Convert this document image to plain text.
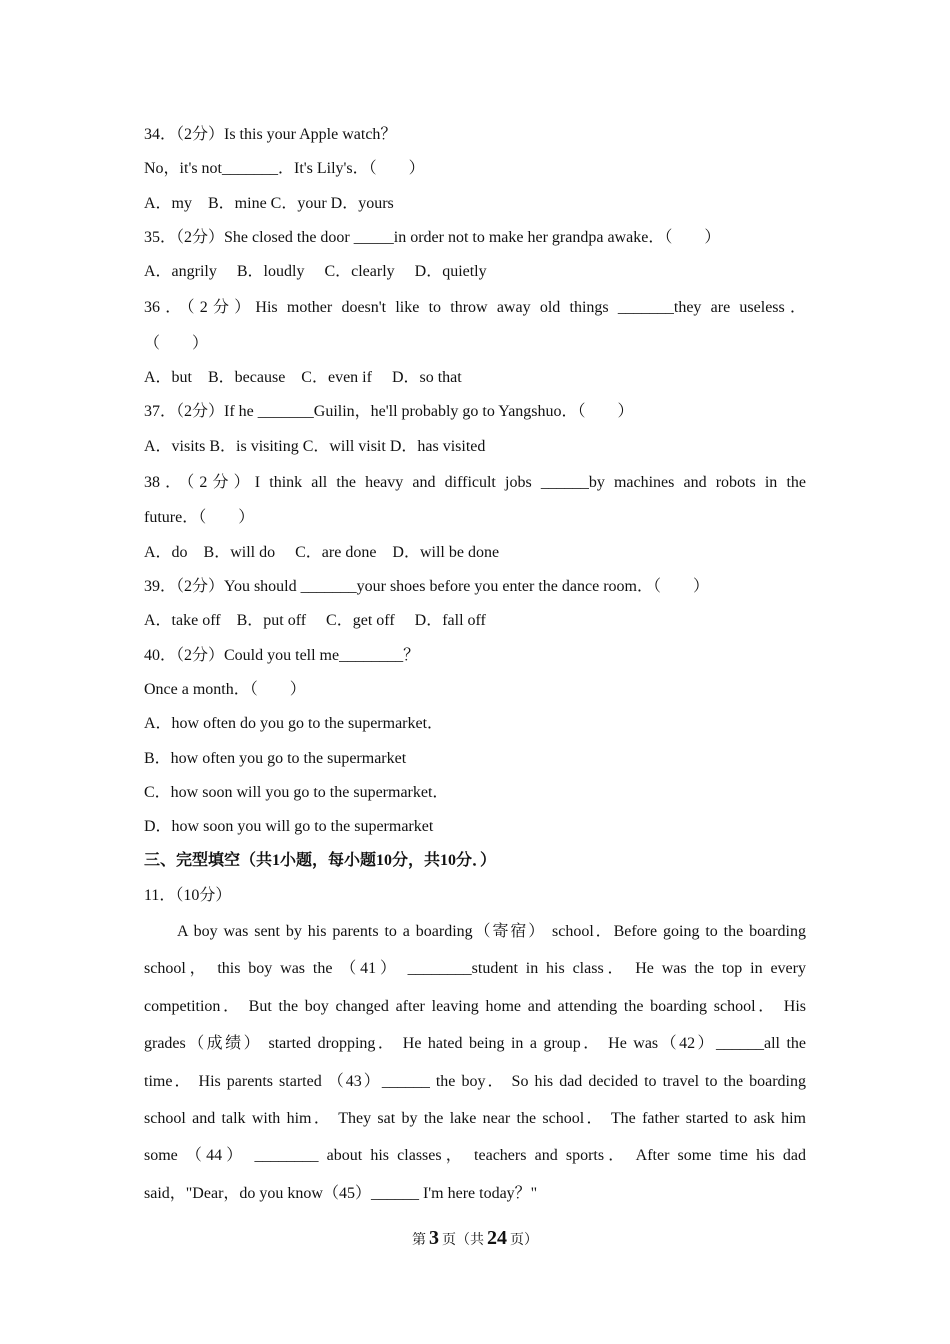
34．（2分）Is this your Apple watch？
No，it's not_______．It's Lily's．（　　）
A．my　B．mine C．your D．yours
35．（2分）She closed the door _____in order not to make her grandpa awake．（　　）
A．angrily　 B．loudly　 C．clearly　 D．quietly
36．（2分）His mother doesn't like to throw away old things _______they are useless．
（　　）
A．but　B．because　C．even if　 D．so that
37．（2分）If he _______Guilin，he'll probably go to Yangshuo．（　　）
A．visits B．is visiting C．will visit D．has visited
38．（2分）I think all the heavy and difficult jobs ______by machines and robots in the
future．（　　）
A．do　B．will do　 C．are done　D．will be done
39．（2分）You should _______your shoes before you enter the dance room．（　　）
A．take off　B．put off　 C．get off　 D．fall off
40．（2分）Could you tell me________？
Once a month．（　　）
A．how often do you go to the supermarket．
B．how often you go to the supermarket
C．how soon will you go to the supermarket．
D．how soon you will go to the supermarket
三、完型填空（共1小题，每小题10分，共10分．）
11．（10分）
A boy was sent by his parents to a boarding（寄宿） school．Before going to the boarding
school， this boy was the （41） ________student in his class． He was the top in every
competition． But the boy changed after leaving home and attending the boarding school． His
grades（成绩） started dropping． He hated being in a group． He was（42）______all the
time． His parents started （43）______ the boy． So his dad decided to travel to the boarding
school and talk with him． They sat by the lake near the school． The father started to ask him
some （44） ________ about his classes， teachers and sports． After some time his dad
said，"Dear，do you know（45）______ I'm here today？"
第 3 页（共 24 页）
